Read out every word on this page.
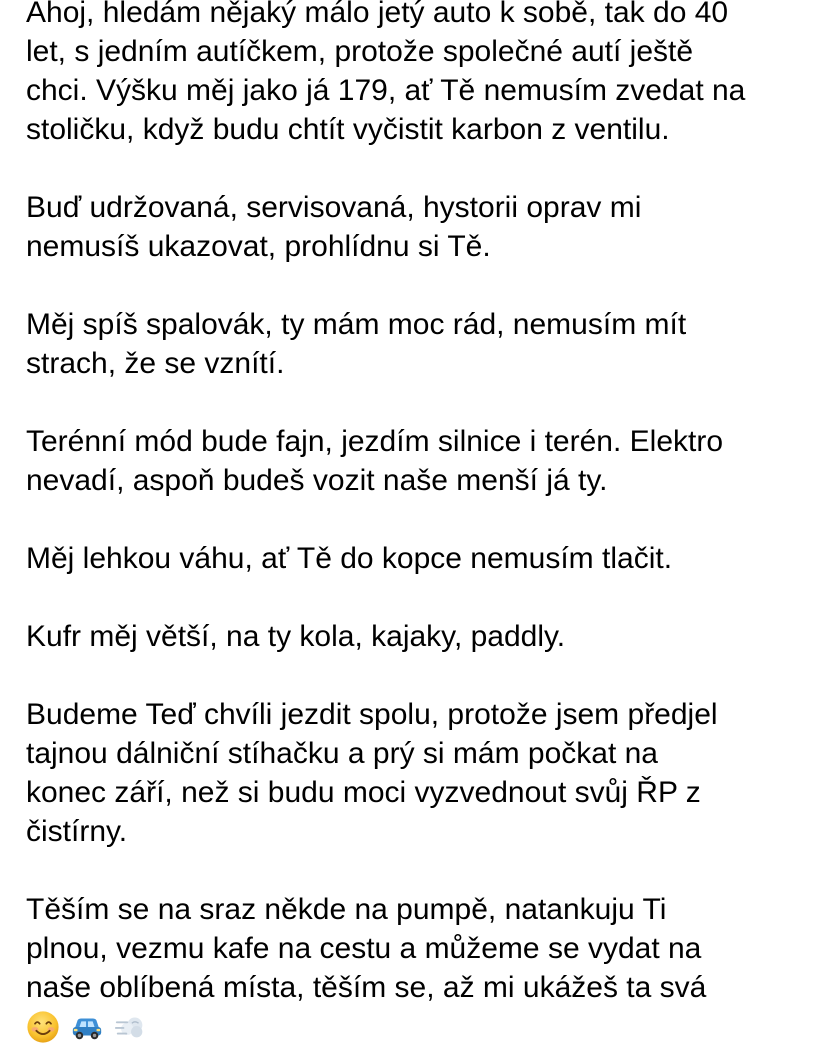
Ahoj, hledám nějaký málo jetý auto k sobě, tak do 40
let, s jedním autíčkem, protože společné autí ještě
chci. Výšku měj jako já 179, ať Tě nemusím zvedat na
stoličku, když budu chtít vyčistit karbon z ventilu.
Buď udržovaná, servisovaná, hystorii oprav mi
nemusíš ukazovat, prohlídnu si Tě.
Měj spíš spalovák, ty mám moc rád, nemusím mít
strach, že se vznítí.
Terénní mód bude fajn, jezdím silnice i terén. Elektro
nevadí, aspoň budeš vozit naše menší já ty.
Měj lehkou váhu, ať Tě do kopce nemusím tlačit.
Kufr měj větší, na ty kola, kajaky, paddly.
Budeme Teď chvíli jezdit spolu, protože jsem předjel
tajnou dálniční stíhačku a prý si mám počkat na
konec září, než si budu moci vyzvednout svůj ŘP z
čistírny.
Těším se na sraz někde na pumpě, natankuju Ti
plnou, vezmu kafe na cestu a můžeme se vydat na
naše oblíbená místa, těším se, až mi ukážeš ta svá
